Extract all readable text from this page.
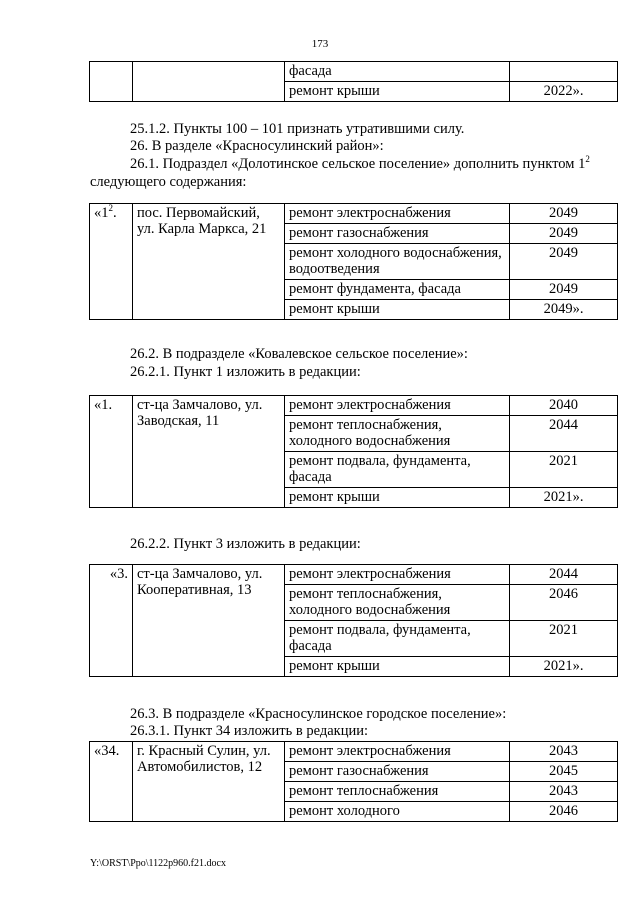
173
		фасада	
		ремонт крыши	2022».
25.1.2. Пункты 100 – 101 признать утратившими силу.
26. В разделе «Красносулинский район»:
26.1. Подраздел «Долотинское сельское поселение» дополнить пунктом $1^2$
следующего содержания:
«$1^2$.	пос. Первомайский, ул. Карла Маркса, 21	ремонт электроснабжения	2049
		ремонт газоснабжения	2049
		ремонт холодного водоснабжения, водоотведения	2049
		ремонт фундамента, фасада	2049
		ремонт крыши	2049».
26.2. В подразделе «Ковалевское сельское поселение»:
26.2.1. Пункт 1 изложить в редакции:
«1.	ст-ца Замчалово, ул. Заводская, 11	ремонт электроснабжения	2040
		ремонт теплоснабжения, холодного водоснабжения	2044
		ремонт подвала, фундамента, фасада	2021
		ремонт крыши	2021».
26.2.2. Пункт 3 изложить в редакции:
«3.	ст-ца Замчалово, ул. Кооперативная, 13	ремонт электроснабжения	2044
		ремонт теплоснабжения, холодного водоснабжения	2046
		ремонт подвала, фундамента, фасада	2021
		ремонт крыши	2021».
26.3. В подразделе «Красносулинское городское поселение»:
26.3.1. Пункт 34 изложить в редакции:
«34.	г. Красный Сулин, ул. Автомобилистов, 12	ремонт электроснабжения	2043
		ремонт газоснабжения	2045
		ремонт теплоснабжения	2043
		ремонт холодного	2046
Y:\ORST\Ppo\1122p960.f21.docx
